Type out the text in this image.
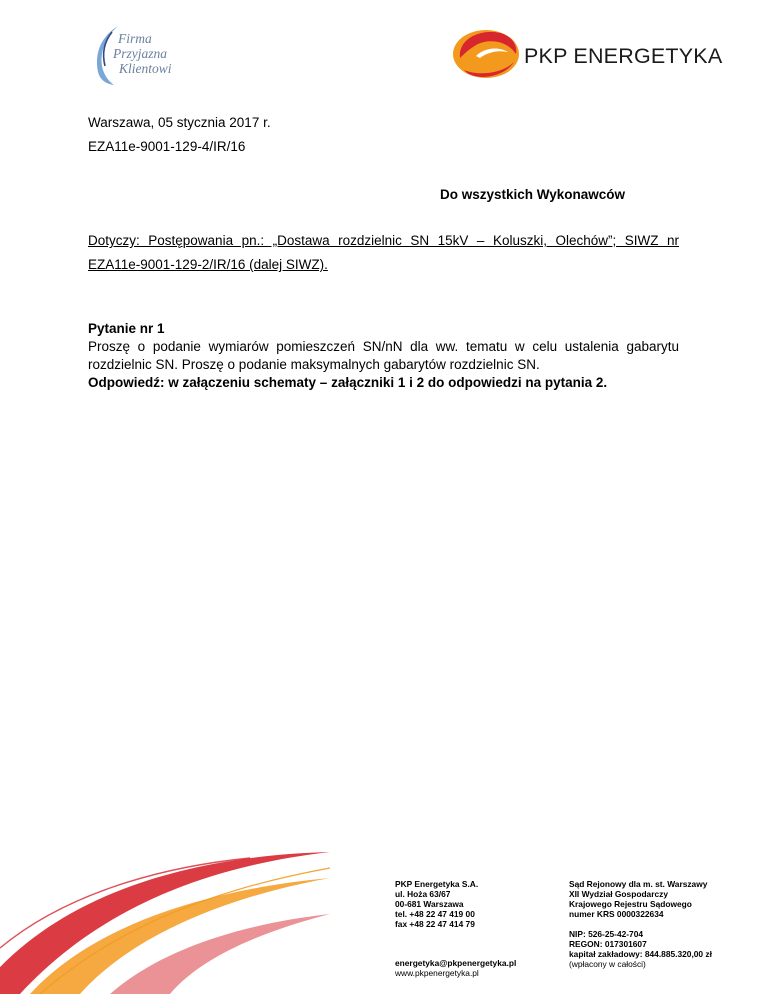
Firma
Przyjazna
Klientowi
PKP ENERGETYKA
Warszawa, 05 stycznia 2017 r.
EZA11e-9001-129-4/IR/16
Do wszystkich Wykonawców
Dotyczy: Postępowania pn.: „Dostawa rozdzielnic SN 15kV – Koluszki, Olechów”; SIWZ nr
EZA11e-9001-129-2/IR/16 (dalej SIWZ).
Pytanie nr 1
Proszę o podanie wymiarów pomieszczeń SN/nN dla ww. tematu w celu ustalenia gabarytu
rozdzielnic SN. Proszę o podanie maksymalnych gabarytów rozdzielnic SN.
Odpowiedź: w załączeniu schematy – załączniki 1 i 2 do odpowiedzi na pytania 2.
PKP Energetyka S.A.
ul. Hoża 63/67
00-681 Warszawa
tel. +48 22 47 419 00
fax +48 22 47 414 79
energetyka@pkpenergetyka.pl
www.pkpenergetyka.pl
Sąd Rejonowy dla m. st. Warszawy
XII Wydział Gospodarczy
Krajowego Rejestru Sądowego
numer KRS 0000322634
NIP: 526-25-42-704
REGON: 017301607
kapitał zakładowy: 844.885.320,00 zł
(wpłacony w całości)
